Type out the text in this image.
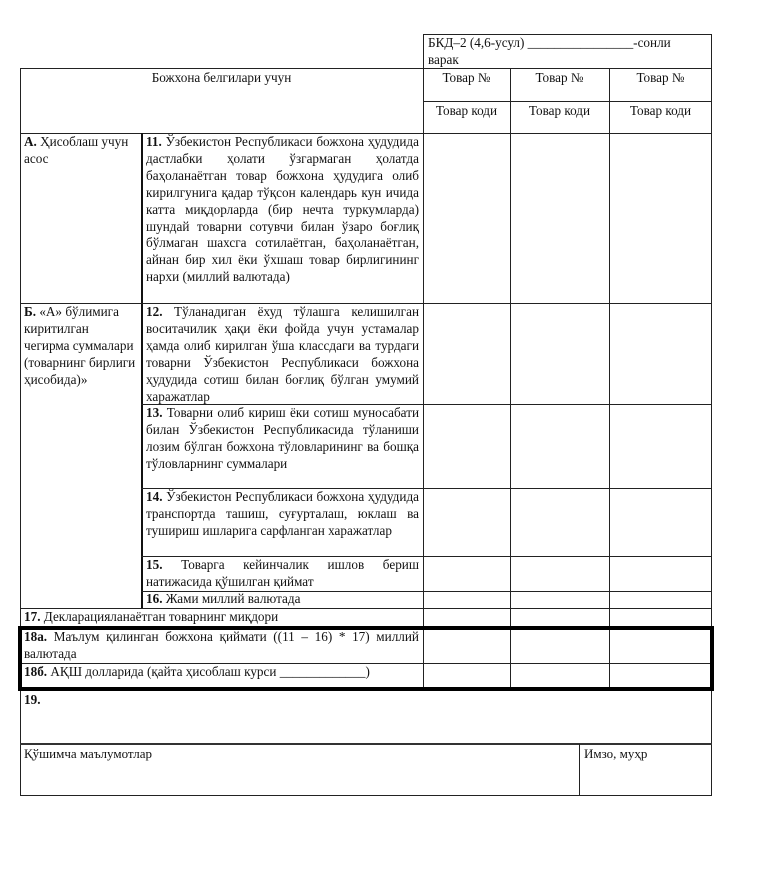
БКД–2 (4,6-усул) ________________-сонли
варак
Божхона белгилари учун	Товар №	Товар №	Товар №
Товар коди	Товар коди	Товар коди
А. Ҳисоблаш учун асос
Б. «А» бўлимига киритилган чегирма суммалари (товарнинг бирлиги ҳисобида)»
11. Ўзбекистон Республикаси божхона ҳудудида дастлабки ҳолати ўзгармаган ҳолатда баҳоланаётган товар божхона ҳудудига олиб кирилгунига қадар тўқсон календарь кун ичида катта миқдорларда (бир нечта туркумларда) шундай товарни сотувчи билан ўзаро боғлиқ бўлмаган шахсга сотилаётган, баҳоланаётган, айнан бир хил ёки ўхшаш товар бирлигининг нархи (миллий валютада)
12. Тўланадиган ёхуд тўлашга келишилган воситачилик ҳақи ёки фойда учун устамалар ҳамда олиб кирилган ўша классдаги ва турдаги товарни Ўзбекистон Республикаси божхона ҳудудида сотиш билан боғлиқ бўлган умумий харажатлар
13. Товарни олиб кириш ёки сотиш муносабати билан Ўзбекистон Республикасида тўланиши лозим бўлган божхона тўловларининг ва бошқа тўловларнинг суммалари
14. Ўзбекистон Республикаси божхона ҳудудида транспортда ташиш, суғурталаш, юклаш ва тушириш ишларига сарфланган харажатлар
15. Товарга кейинчалик ишлов бериш натижасида қўшилган қиймат
16. Жами миллий валютада
17. Декларацияланаётган товарнинг миқдори
18а. Маълум қилинган божхона қиймати ((11 – 16) * 17) миллий валютада
18б. АҚШ долларида (қайта ҳисоблаш курси _____________)
19.
Қўшимча маълумотлар	Имзо, муҳр
